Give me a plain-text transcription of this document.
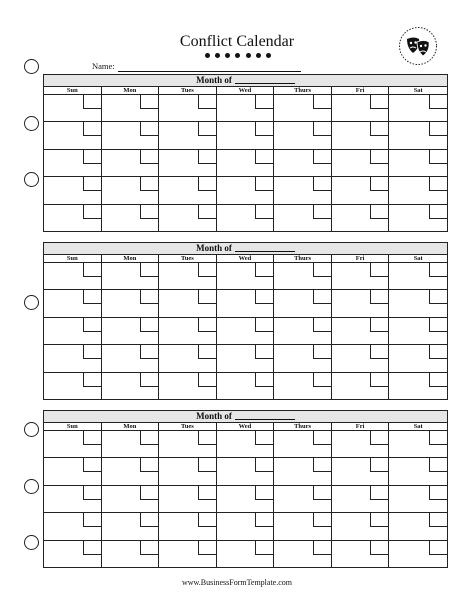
Conflict Calendar
Name:
Month of
Sun	Mon	Tues	Wed	Thurs	Fri	Sat
Month of
Sun	Mon	Tues	Wed	Thurs	Fri	Sat
Month of
Sun	Mon	Tues	Wed	Thurs	Fri	Sat
www.BusinessFormTemplate.com
